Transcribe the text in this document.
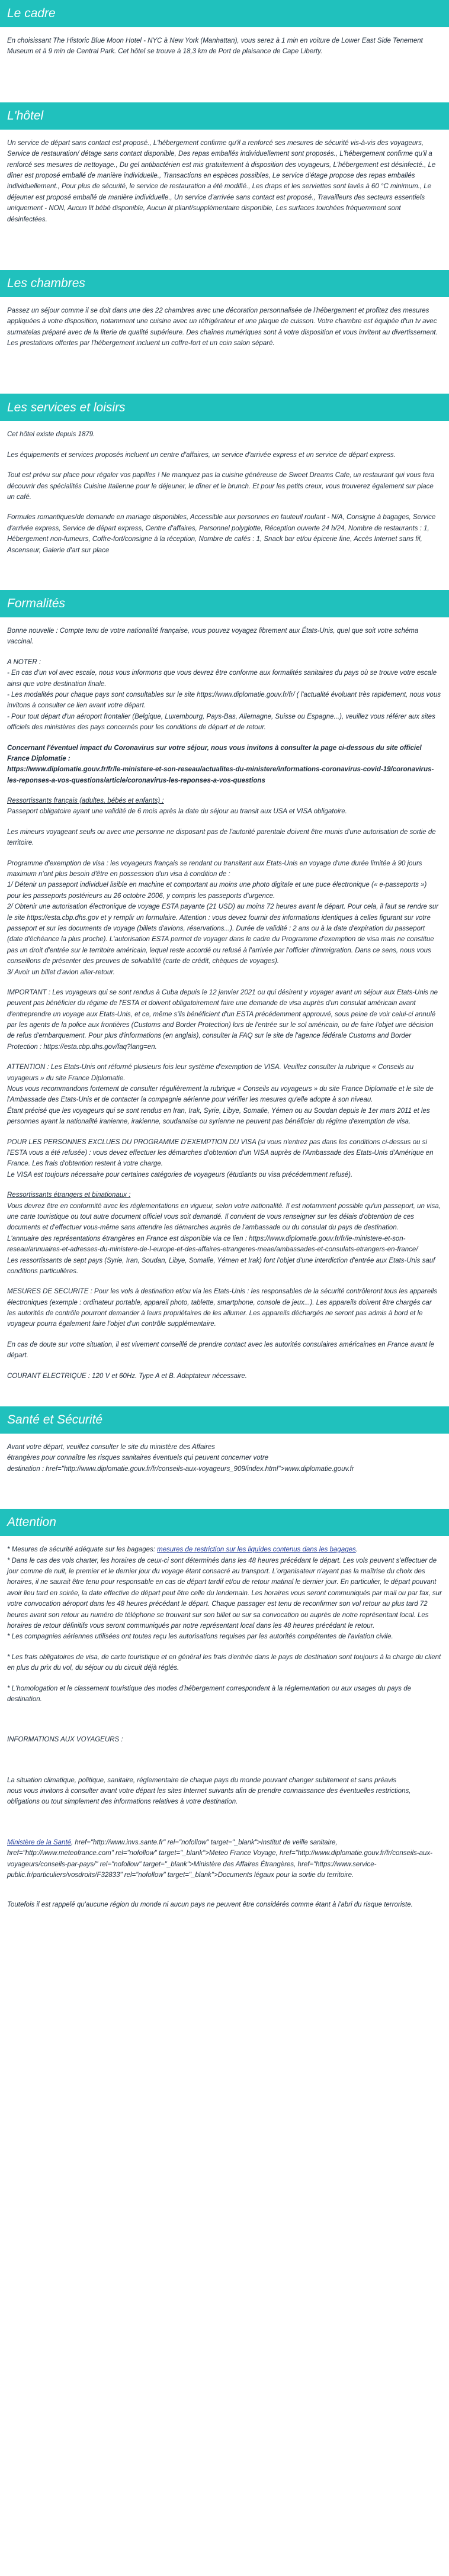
Le cadre

En choisissant The Historic Blue Moon Hotel - NYC à New York (Manhattan), vous serez à 1 min en voiture de Lower East Side Tenement Museum et à 9 min de Central Park. Cet hôtel se trouve à 18,3 km de Port de plaisance de Cape Liberty.

L'hôtel

Un service de départ sans contact est proposé., L'hébergement confirme qu'il a renforcé ses mesures de sécurité vis-à-vis des voyageurs, Service de restauration/ détage sans contact disponible, Des repas emballés individuellement sont proposés., L'hébergement confirme qu'il a renforcé ses mesures de nettoyage., Du gel antibactérien est mis gratuitement à disposition des voyageurs, L'hébergement est désinfecté., Le dîner est proposé emballé de manière individuelle., Transactions en espèces possibles, Le service d'étage propose des repas emballés individuellement., Pour plus de sécurité, le service de restauration a été modifié., Les draps et les serviettes sont lavés à 60 °C minimum., Le déjeuner est proposé emballé de manière individuelle., Un service d'arrivée sans contact est proposé., Travailleurs des secteurs essentiels uniquement - NON, Aucun lit bébé disponible, Aucun lit pliant/supplémentaire disponible, Les surfaces touchées fréquemment sont désinfectées.

Les chambres

Passez un séjour comme il se doit dans une des 22 chambres avec une décoration personnalisée de l'hébergement et profitez des mesures appliquées à votre disposition, notamment une cuisine avec un réfrigérateur et une plaque de cuisson. Votre chambre est équipée d'un tv avec surmatelas préparé avec de la literie de qualité supérieure. Des chaînes numériques sont à votre disposition et vous invitent au divertissement. Les prestations offertes par l'hébergement incluent un coffre-fort et un coin salon séparé.

Les services et loisirs

Cet hôtel existe depuis 1879.

Les équipements et services proposés incluent un centre d'affaires, un service d'arrivée express et un service de départ express.

Tout est prévu sur place pour régaler vos papilles ! Ne manquez pas la cuisine généreuse de Sweet Dreams Cafe, un restaurant qui vous fera découvrir des spécialités Cuisine Italienne pour le déjeuner, le dîner et le brunch. Et pour les petits creux, vous trouverez également sur place un café.

Formules romantiques/de demande en mariage disponibles, Accessible aux personnes en fauteuil roulant - N/A, Consigne à bagages, Service d'arrivée express, Service de départ express, Centre d'affaires, Personnel polyglotte, Réception ouverte 24 h/24, Nombre de restaurants : 1, Hébergement non-fumeurs, Coffre-fort/consigne à la réception, Nombre de cafés : 1, Snack bar et/ou épicerie fine, Accès Internet sans fil, Ascenseur, Galerie d'art sur place

Formalités

Bonne nouvelle : Compte tenu de votre nationalité française, vous pouvez voyagez librement aux États-Unis, quel que soit votre schéma vaccinal.

A NOTER :
- En cas d'un vol avec escale, nous vous informons que vous devrez être conforme aux formalités sanitaires du pays où se trouve votre escale ainsi que votre destination finale.
- Les modalités pour chaque pays sont consultables sur le site https://www.diplomatie.gouv.fr/fr/ ( l'actualité évoluant très rapidement, nous vous invitons à consulter ce lien avant votre départ.
- Pour tout départ d'un aéroport frontalier (Belgique, Luxembourg, Pays-Bas, Allemagne, Suisse ou Espagne...), veuillez vous référer aux sites officiels des ministères des pays concernés pour les conditions de départ et de retour.

Concernant l'éventuel impact du Coronavirus sur votre séjour, nous vous invitons à consulter la page ci-dessous du site officiel France Diplomatie :
https://www.diplomatie.gouv.fr/fr/le-ministere-et-son-reseau/actualites-du-ministere/informations-coronavirus-covid-19/coronavirus-les-reponses-a-vos-questions/article/coronavirus-les-reponses-a-vos-questions

Ressortissants français (adultes, bébés et enfants) :

Passeport obligatoire ayant une validité de 6 mois après la date du séjour au transit aux USA et VISA obligatoire.

Les mineurs voyageant seuls ou avec une personne ne disposant pas de l'autorité parentale doivent être munis d'une autorisation de sortie de territoire.

Programme d'exemption de visa : les voyageurs français se rendant ou transitant aux Etats-Unis en voyage d'une durée limitée à 90 jours maximum n'ont plus besoin d'être en possession d'un visa à condition de :
1/ Détenir un passeport individuel lisible en machine et comportant au moins une photo digitale et une puce électronique (« e-passeports ») pour les passeports postérieurs au 26 octobre 2006, y compris les passeports d'urgence.
2/ Obtenir une autorisation électronique de voyage ESTA payante (21 USD) au moins 72 heures avant le départ. Pour cela, il faut se rendre sur le site https://esta.cbp.dhs.gov et y remplir un formulaire. Attention : vous devez fournir des informations identiques à celles figurant sur votre passeport et sur les documents de voyage (billets d'avions, réservations...). Durée de validité : 2 ans ou à la date d'expiration du passeport (date d'échéance la plus proche). L'autorisation ESTA permet de voyager dans le cadre du Programme d'exemption de visa mais ne constitue pas un droit d'entrée sur le territoire américain, lequel reste accordé ou refusé à l'arrivée par l'officier d'immigration. Dans ce sens, nous vous conseillons de présenter des preuves de solvabilité (carte de crédit, chèques de voyages).
3/ Avoir un billet d'avion aller-retour.

IMPORTANT : Les voyageurs qui se sont rendus à Cuba depuis le 12 janvier 2021 ou qui désirent y voyager avant un séjour aux Etats-Unis ne peuvent pas bénéficier du régime de l'ESTA et doivent obligatoirement faire une demande de visa auprès d'un consulat américain avant d'entreprendre un voyage aux Etats-Unis, et ce, même s'ils bénéficient d'un ESTA précédemment approuvé, sous peine de voir celui-ci annulé par les agents de la police aux frontières (Customs and Border Protection) lors de l'entrée sur le sol américain, ou de faire l'objet une décision de refus d'embarquement. Pour plus d'informations (en anglais), consulter la FAQ sur le site de l'agence fédérale Customs and Border Protection : https://esta.cbp.dhs.gov/faq?lang=en.

ATTENTION : Les Etats-Unis ont réformé plusieurs fois leur système d'exemption de VISA. Veuillez consulter la rubrique « Conseils au voyageurs » du site France Diplomatie.
Nous vous recommandons fortement de consulter régulièrement la rubrique « Conseils au voyageurs » du site France Diplomatie et le site de l'Ambassade des Etats-Unis et de contacter la compagnie aérienne pour vérifier les mesures qu'elle adopte à son niveau.
Étant précisé que les voyageurs qui se sont rendus en Iran, Irak, Syrie, Libye, Somalie, Yémen ou au Soudan depuis le 1er mars 2011 et les personnes ayant la nationalité iranienne, irakienne, soudanaise ou syrienne ne peuvent pas bénéficier du régime d'exemption de visa.

POUR LES PERSONNES EXCLUES DU PROGRAMME D'EXEMPTION DU VISA (si vous n'entrez pas dans les conditions ci-dessus ou si l'ESTA vous a été refusée) : vous devez effectuer les démarches d'obtention d'un VISA auprès de l'Ambassade des Etats-Unis d'Amérique en France. Les frais d'obtention restent à votre charge.
Le VISA est toujours nécessaire pour certaines catégories de voyageurs (étudiants ou visa précédemment refusé).

Ressortissants étrangers et binationaux :

Vous devrez être en conformité avec les réglementations en vigueur, selon votre nationalité. Il est notamment possible qu'un passeport, un visa, une carte touristique ou tout autre document officiel vous soit demandé. Il convient de vous renseigner sur les délais d'obtention de ces documents et d'effectuer vous-même sans attendre les démarches auprès de l'ambassade ou du consulat du pays de destination.
L'annuaire des représentations étrangères en France est disponible via ce lien : https://www.diplomatie.gouv.fr/fr/le-ministere-et-son-reseau/annuaires-et-adresses-du-ministere-de-l-europe-et-des-affaires-etrangeres-meae/ambassades-et-consulats-etrangers-en-france/
Les ressortissants de sept pays (Syrie, Iran, Soudan, Libye, Somalie, Yémen et Irak) font l'objet d'une interdiction d'entrée aux Etats-Unis sauf conditions particulières.

MESURES DE SECURITE : Pour les vols à destination et/ou via les Etats-Unis : les responsables de la sécurité contrôleront tous les appareils électroniques (exemple : ordinateur portable, appareil photo, tablette, smartphone, console de jeux...). Les appareils doivent être chargés car les autorités de contrôle pourront demander à leurs propriétaires de les allumer. Les appareils déchargés ne seront pas admis à bord et le voyageur pourra également faire l'objet d'un contrôle supplémentaire.

En cas de doute sur votre situation, il est vivement conseillé de prendre contact avec les autorités consulaires américaines en France avant le départ.

COURANT ELECTRIQUE : 120 V et 60Hz. Type A et B. Adaptateur nécessaire.

Santé et Sécurité

Avant votre départ, veuillez consulter le site du ministère des Affaires
étrangères pour connaître les risques sanitaires éventuels qui peuvent concerner votre
destination : href="http://www.diplomatie.gouv.fr/fr/conseils-aux-voyageurs_909/index.html">www.diplomatie.gouv.fr

Attention

* Mesures de sécurité adéquate sur les bagages: mesures de restriction sur les liquides contenus dans les bagages.
* Dans le cas des vols charter, les horaires de ceux-ci sont déterminés dans les 48 heures précédant le départ. Les vols peuvent s'effectuer de jour comme de nuit, le premier et le dernier jour du voyage étant consacré au transport. L'organisateur n'ayant pas la maîtrise du choix des horaires, il ne saurait être tenu pour responsable en cas de départ tardif et/ou de retour matinal le dernier jour. En particulier, le départ pouvant avoir lieu tard en soirée, la date effective de départ peut être celle du lendemain. Les horaires vous seront communiqués par mail ou par fax, sur votre convocation aéroport dans les 48 heures précédant le départ. Chaque passager est tenu de reconfirmer son vol retour au plus tard 72 heures avant son retour au numéro de téléphone se trouvant sur son billet ou sur sa convocation ou auprès de notre représentant local. Les horaires de retour définitifs vous seront communiqués par notre représentant local dans les 48 heures précédant le retour.
* Les compagnies aériennes utilisées ont toutes reçu les autorisations requises par les autorités compétentes de l'aviation civile.

* Les frais obligatoires de visa, de carte touristique et en général les frais d'entrée dans le pays de destination sont toujours à la charge du client en plus du prix du vol, du séjour ou du circuit déjà réglés.

* L'homologation et le classement touristique des modes d'hébergement correspondent à la réglementation ou aux usages du pays de destination.

INFORMATIONS AUX VOYAGEURS :

La situation climatique, politique, sanitaire, réglementaire de chaque pays du monde pouvant changer subitement et sans préavis
nous vous invitons à consulter avant votre départ les sites Internet suivants afin de prendre connaissance des éventuelles restrictions, obligations ou tout simplement des informations relatives à votre destination.

Ministère de la Santé, href="http://www.invs.sante.fr" rel="nofollow" target="_blank">Institut de veille sanitaire, href="http://www.meteofrance.com" rel="nofollow" target="_blank">Meteo France Voyage, href="http://www.diplomatie.gouv.fr/fr/conseils-aux-voyageurs/conseils-par-pays/" rel="nofollow" target="_blank">Ministère des Affaires Étrangères, href="https://www.service-public.fr/particuliers/vosdroits/F32833" rel="nofollow" target="_blank">Documents légaux pour la sortie du territoire.

Toutefois il est rappelé qu'aucune région du monde ni aucun pays ne peuvent être considérés comme étant à l'abri du risque terroriste.
